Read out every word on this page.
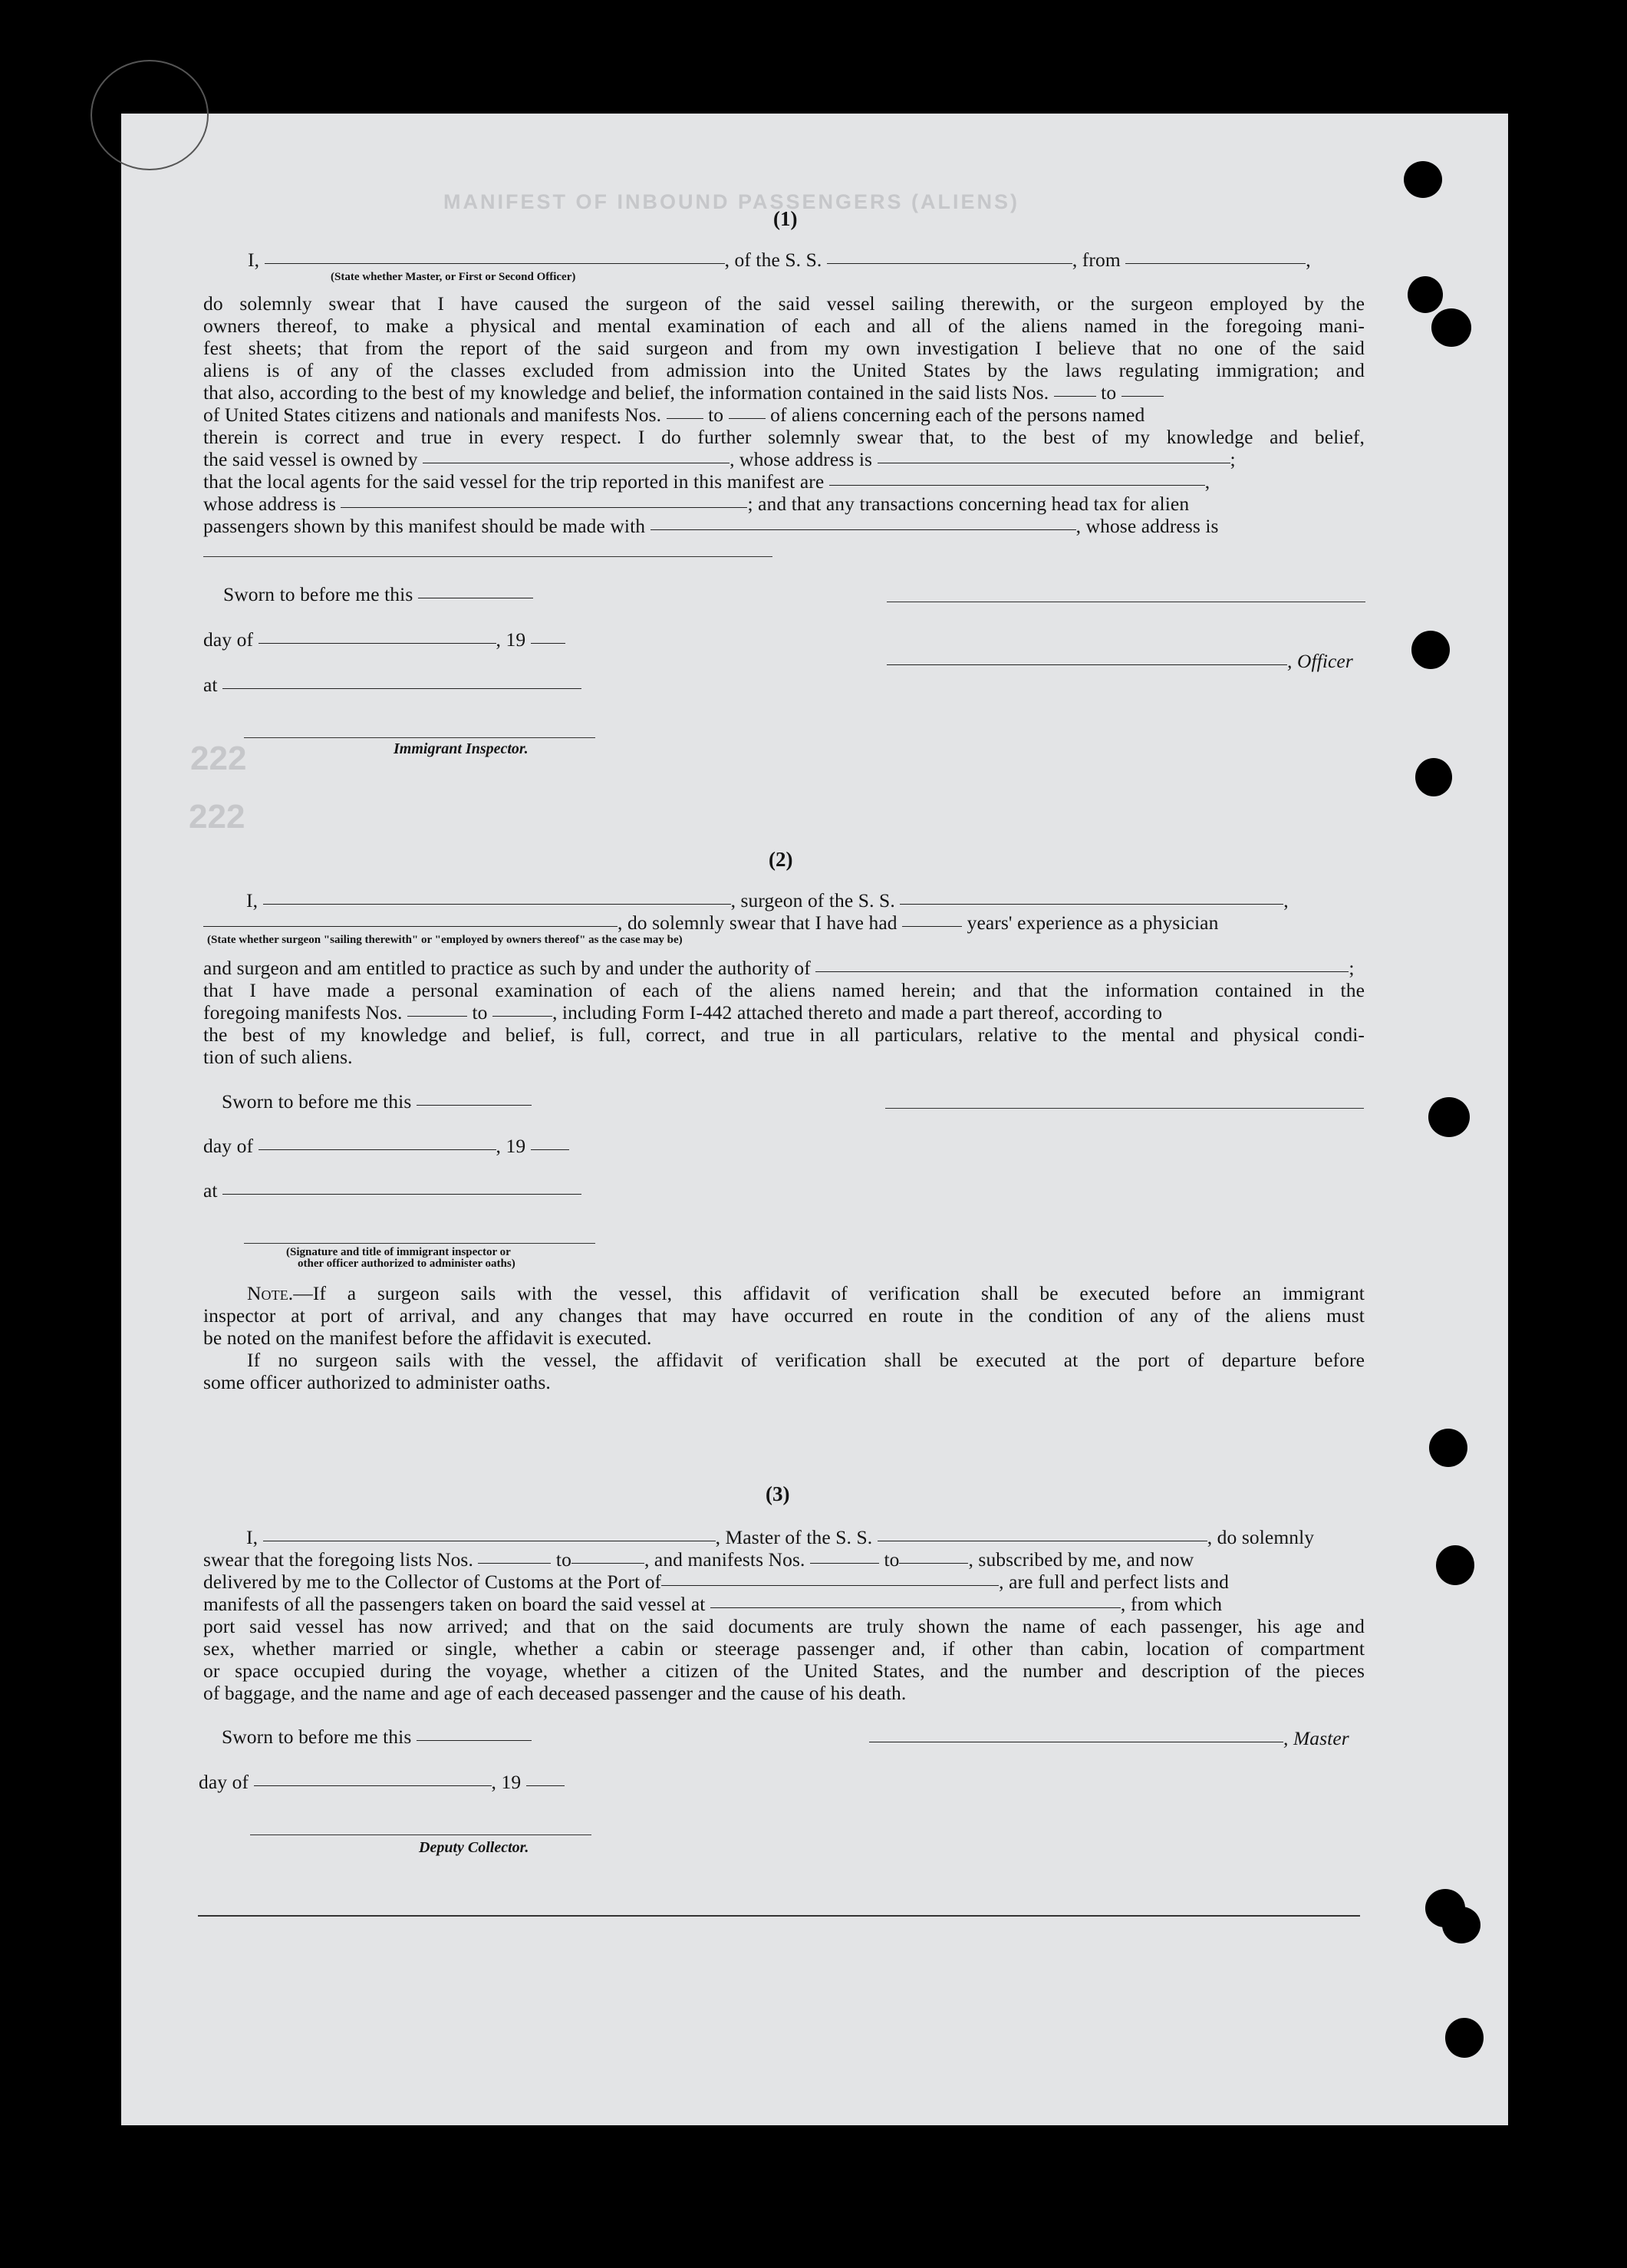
MANIFEST OF INBOUND PASSENGERS (ALIENS)
(1)
I,	, of the S. S.	, from	,
(State whether Master, or First or Second Officer)
do solemnly swear that I have caused the surgeon of the said vessel sailing therewith, or the surgeon employed by the
owners thereof, to make a physical and mental examination of each and all of the aliens named in the foregoing mani-
fest sheets; that from the report of the said surgeon and from my own investigation I believe that no one of the said
aliens is of any of the classes excluded from admission into the United States by the laws regulating immigration; and
that also, according to the best of my knowledge and belief, the information contained in the said lists Nos.	to
of United States citizens and nationals and manifests Nos. to of aliens concerning each of the persons named
therein is correct and true in every respect. I do further solemnly swear that, to the best of my knowledge and belief,
the said vessel is owned by	, whose address is	;
that the local agents for the said vessel for the trip reported in this manifest are	,
whose address is	; and that any transactions concerning head tax for alien
passengers shown by this manifest should be made with	, whose address is
Sworn to before me this
day of	, 19
, Officer
at
Immigrant Inspector.
222
222
(2)
I,	, surgeon of the S. S.	,
, do solemnly swear that I have had	years' experience as a physician
(State whether surgeon "sailing therewith" or "employed by owners thereof" as the case may be)
and surgeon and am entitled to practice as such by and under the authority of	;
that I have made a personal examination of each of the aliens named herein; and that the information contained in the
foregoing manifests Nos.	to	, including Form I-442 attached thereto and made a part thereof, according to
the best of my knowledge and belief, is full, correct, and true in all particulars, relative to the mental and physical condi-
tion of such aliens.
Sworn to before me this
day of	, 19
at
(Signature and title of immigrant inspector or
other officer authorized to administer oaths)
Note.—If a surgeon sails with the vessel, this affidavit of verification shall be executed before an immigrant
inspector at port of arrival, and any changes that may have occurred en route in the condition of any of the aliens must
be noted on the manifest before the affidavit is executed.
If no surgeon sails with the vessel, the affidavit of verification shall be executed at the port of departure before
some officer authorized to administer oaths.
(3)
I,	, Master of the S. S.	, do solemnly
swear that the foregoing lists Nos.	to	, and manifests Nos.	to	, subscribed by me, and now
delivered by me to the Collector of Customs at the Port of	, are full and perfect lists and
manifests of all the passengers taken on board the said vessel at	, from which
port said vessel has now arrived; and that on the said documents are truly shown the name of each passenger, his age and
sex, whether married or single, whether a cabin or steerage passenger and, if other than cabin, location of compartment
or space occupied during the voyage, whether a citizen of the United States, and the number and description of the pieces
of baggage, and the name and age of each deceased passenger and the cause of his death.
Sworn to before me this	, Master
day of	, 19
Deputy Collector.
